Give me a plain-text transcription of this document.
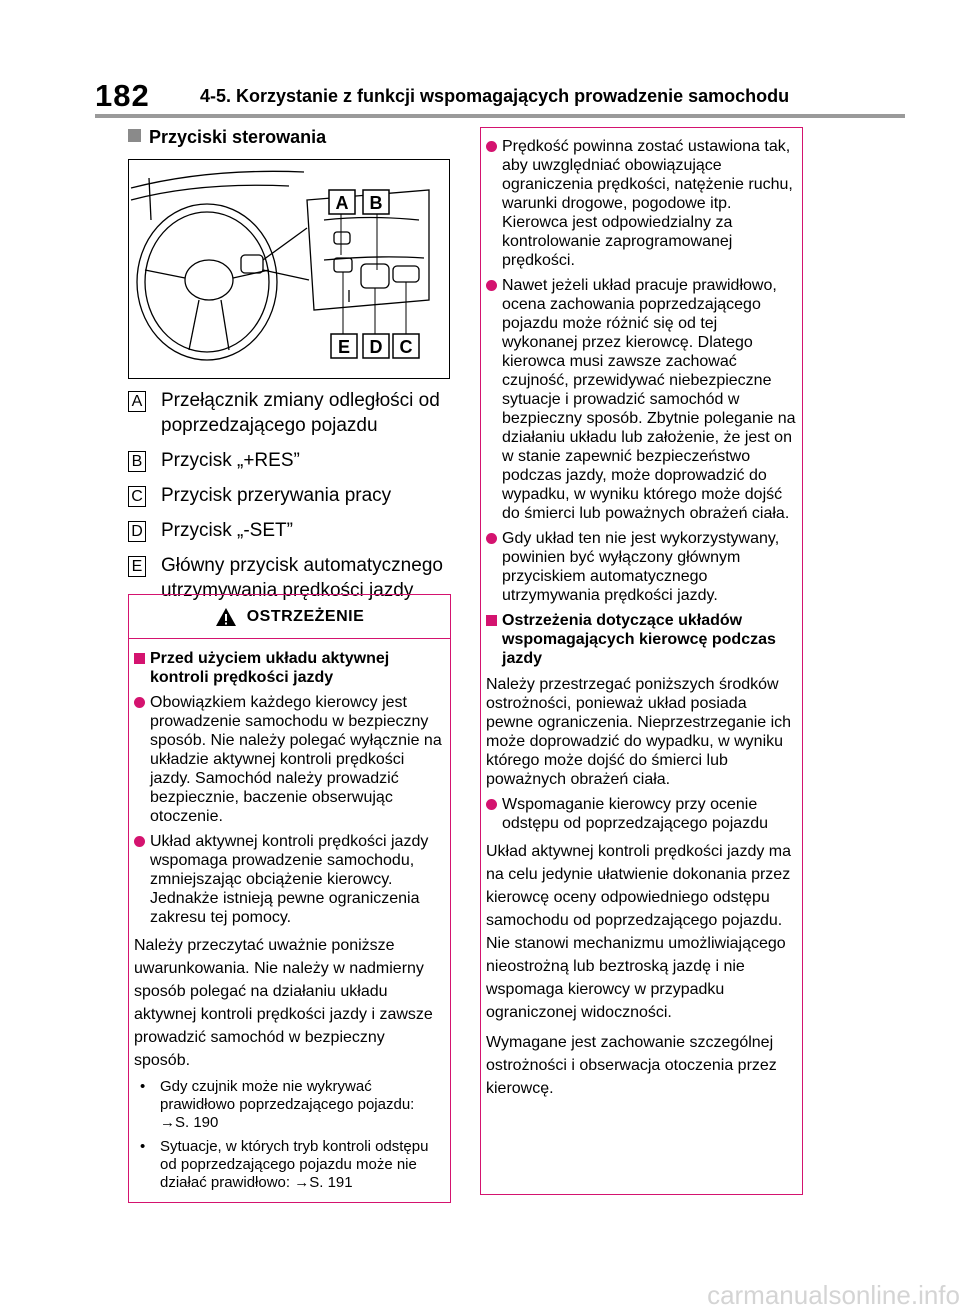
182	4-5. Korzystanie z funkcji wspomagających prowadzenie samochodu
Przyciski sterowania
A B
E D C
A Przełącznik zmiany odległości od poprzedzającego pojazdu
B Przycisk „+RES”
C Przycisk przerywania pracy
D Przycisk „-SET”
E Główny przycisk automatycznego utrzymywania prędkości jazdy
OSTRZEŻENIE
Przed użyciem układu aktywnej kontroli prędkości jazdy
Obowiązkiem każdego kierowcy jest prowadzenie samochodu w bezpieczny sposób. Nie należy polegać wyłącznie na układzie aktywnej kontroli prędkości jazdy. Samochód należy prowadzić bezpiecznie, baczenie obserwując otoczenie.
Układ aktywnej kontroli prędkości jazdy wspomaga prowadzenie samochodu, zmniejszając obciążenie kierowcy. Jednakże istnieją pewne ograniczenia zakresu tej pomocy.
Należy przeczytać uważnie poniższe uwarunkowania. Nie należy w nadmierny sposób polegać na działaniu układu aktywnej kontroli prędkości jazdy i zawsze prowadzić samochód w bezpieczny sposób.
• Gdy czujnik może nie wykrywać prawidłowo poprzedzającego pojazdu: →S. 190
• Sytuacje, w których tryb kontroli odstępu od poprzedzającego pojazdu może nie działać prawidłowo: →S. 191
Prędkość powinna zostać ustawiona tak, aby uwzględniać obowiązujące ograniczenia prędkości, natężenie ruchu, warunki drogowe, pogodowe itp. Kierowca jest odpowiedzialny za kontrolowanie zaprogramowanej prędkości.
Nawet jeżeli układ pracuje prawidłowo, ocena zachowania poprzedzającego pojazdu może różnić się od tej wykonanej przez kierowcę. Dlatego kierowca musi zawsze zachować czujność, przewidywać niebezpieczne sytuacje i prowadzić samochód w bezpieczny sposób. Zbytnie poleganie na działaniu układu lub założenie, że jest on w stanie zapewnić bezpieczeństwo podczas jazdy, może doprowadzić do wypadku, w wyniku którego może dojść do śmierci lub poważnych obrażeń ciała.
Gdy układ ten nie jest wykorzystywany, powinien być wyłączony głównym przyciskiem automatycznego utrzymywania prędkości jazdy.
Ostrzeżenia dotyczące układów wspomagających kierowcę podczas jazdy
Należy przestrzegać poniższych środków ostrożności, ponieważ układ posiada pewne ograniczenia. Nieprzestrzeganie ich może doprowadzić do wypadku, w wyniku którego może dojść do śmierci lub poważnych obrażeń ciała.
Wspomaganie kierowcy przy ocenie odstępu od poprzedzającego pojazdu
Układ aktywnej kontroli prędkości jazdy ma na celu jedynie ułatwienie dokonania przez kierowcę oceny odpowiedniego odstępu samochodu od poprzedzającego pojazdu. Nie stanowi mechanizmu umożliwiającego nieostrożną lub beztroską jazdę i nie wspomaga kierowcy w przypadku ograniczonej widoczności.
Wymagane jest zachowanie szczególnej ostrożności i obserwacja otoczenia przez kierowcę.
carmanualsonline.info
